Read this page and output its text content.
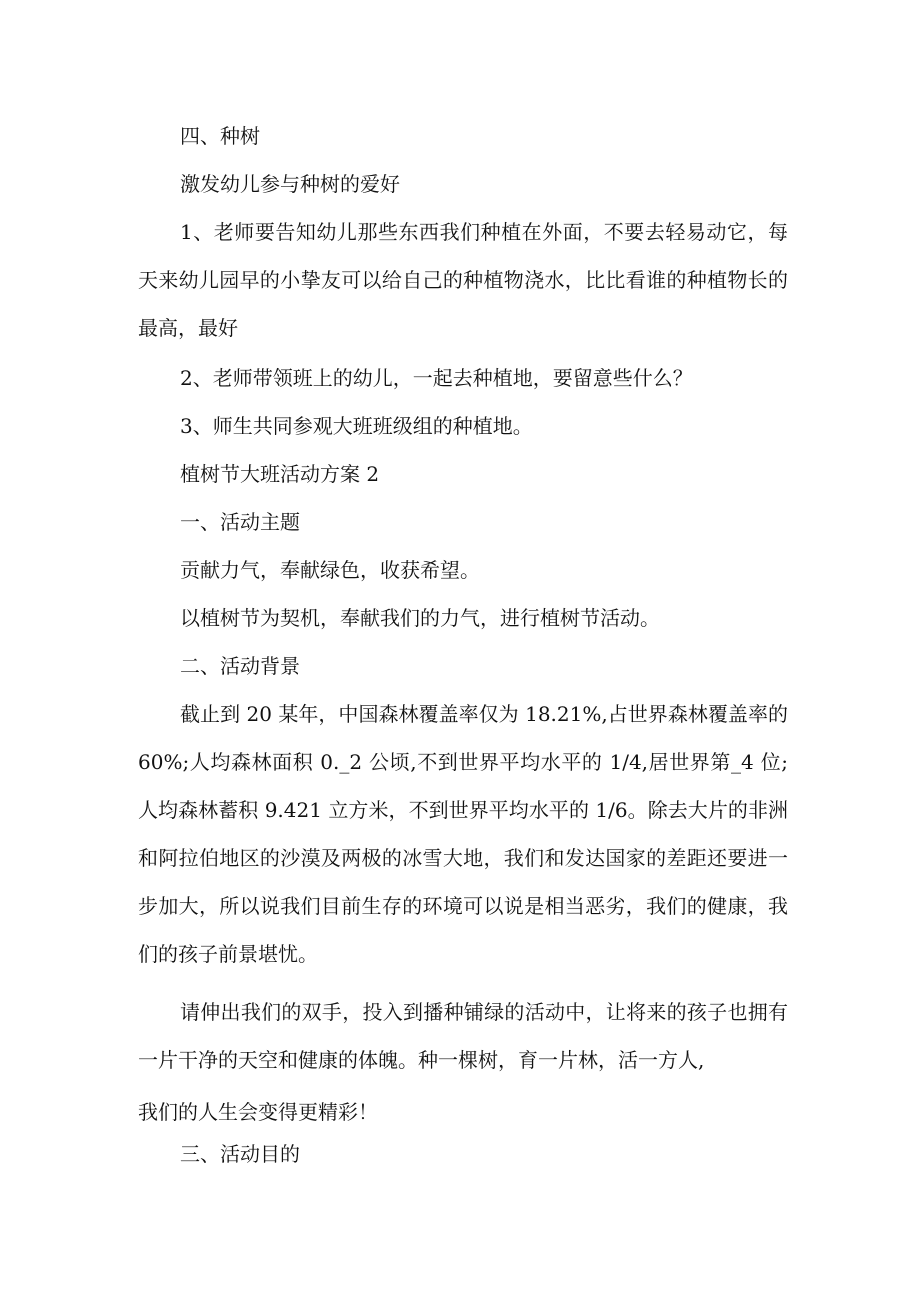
四、种树
激发幼儿参与种树的爱好
1、老师要告知幼儿那些东西我们种植在外面，不要去轻易动它，每天来幼儿园早的小挚友可以给自己的种植物浇水，比比看谁的种植物长的最高，最好
2、老师带领班上的幼儿，一起去种植地，要留意些什么？
3、师生共同参观大班班级组的种植地。
植树节大班活动方案 2
一、活动主题
贡献力气，奉献绿色，收获希望。
以植树节为契机，奉献我们的力气，进行植树节活动。
二、活动背景
截止到 20 某年，中国森林覆盖率仅为 18.21%,占世界森林覆盖率的 60%;人均森林面积 0._2 公顷,不到世界平均水平的 1/4,居世界第_4 位;人均森林蓄积 9.421 立方米，不到世界平均水平的 1/6。除去大片的非洲和阿拉伯地区的沙漠及两极的冰雪大地，我们和发达国家的差距还要进一步加大，所以说我们目前生存的环境可以说是相当恶劣，我们的健康，我们的孩子前景堪忧。
请伸出我们的双手，投入到播种铺绿的活动中，让将来的孩子也拥有一片干净的天空和健康的体魄。种一棵树，育一片林，活一方人,
我们的人生会变得更精彩！
三、活动目的
